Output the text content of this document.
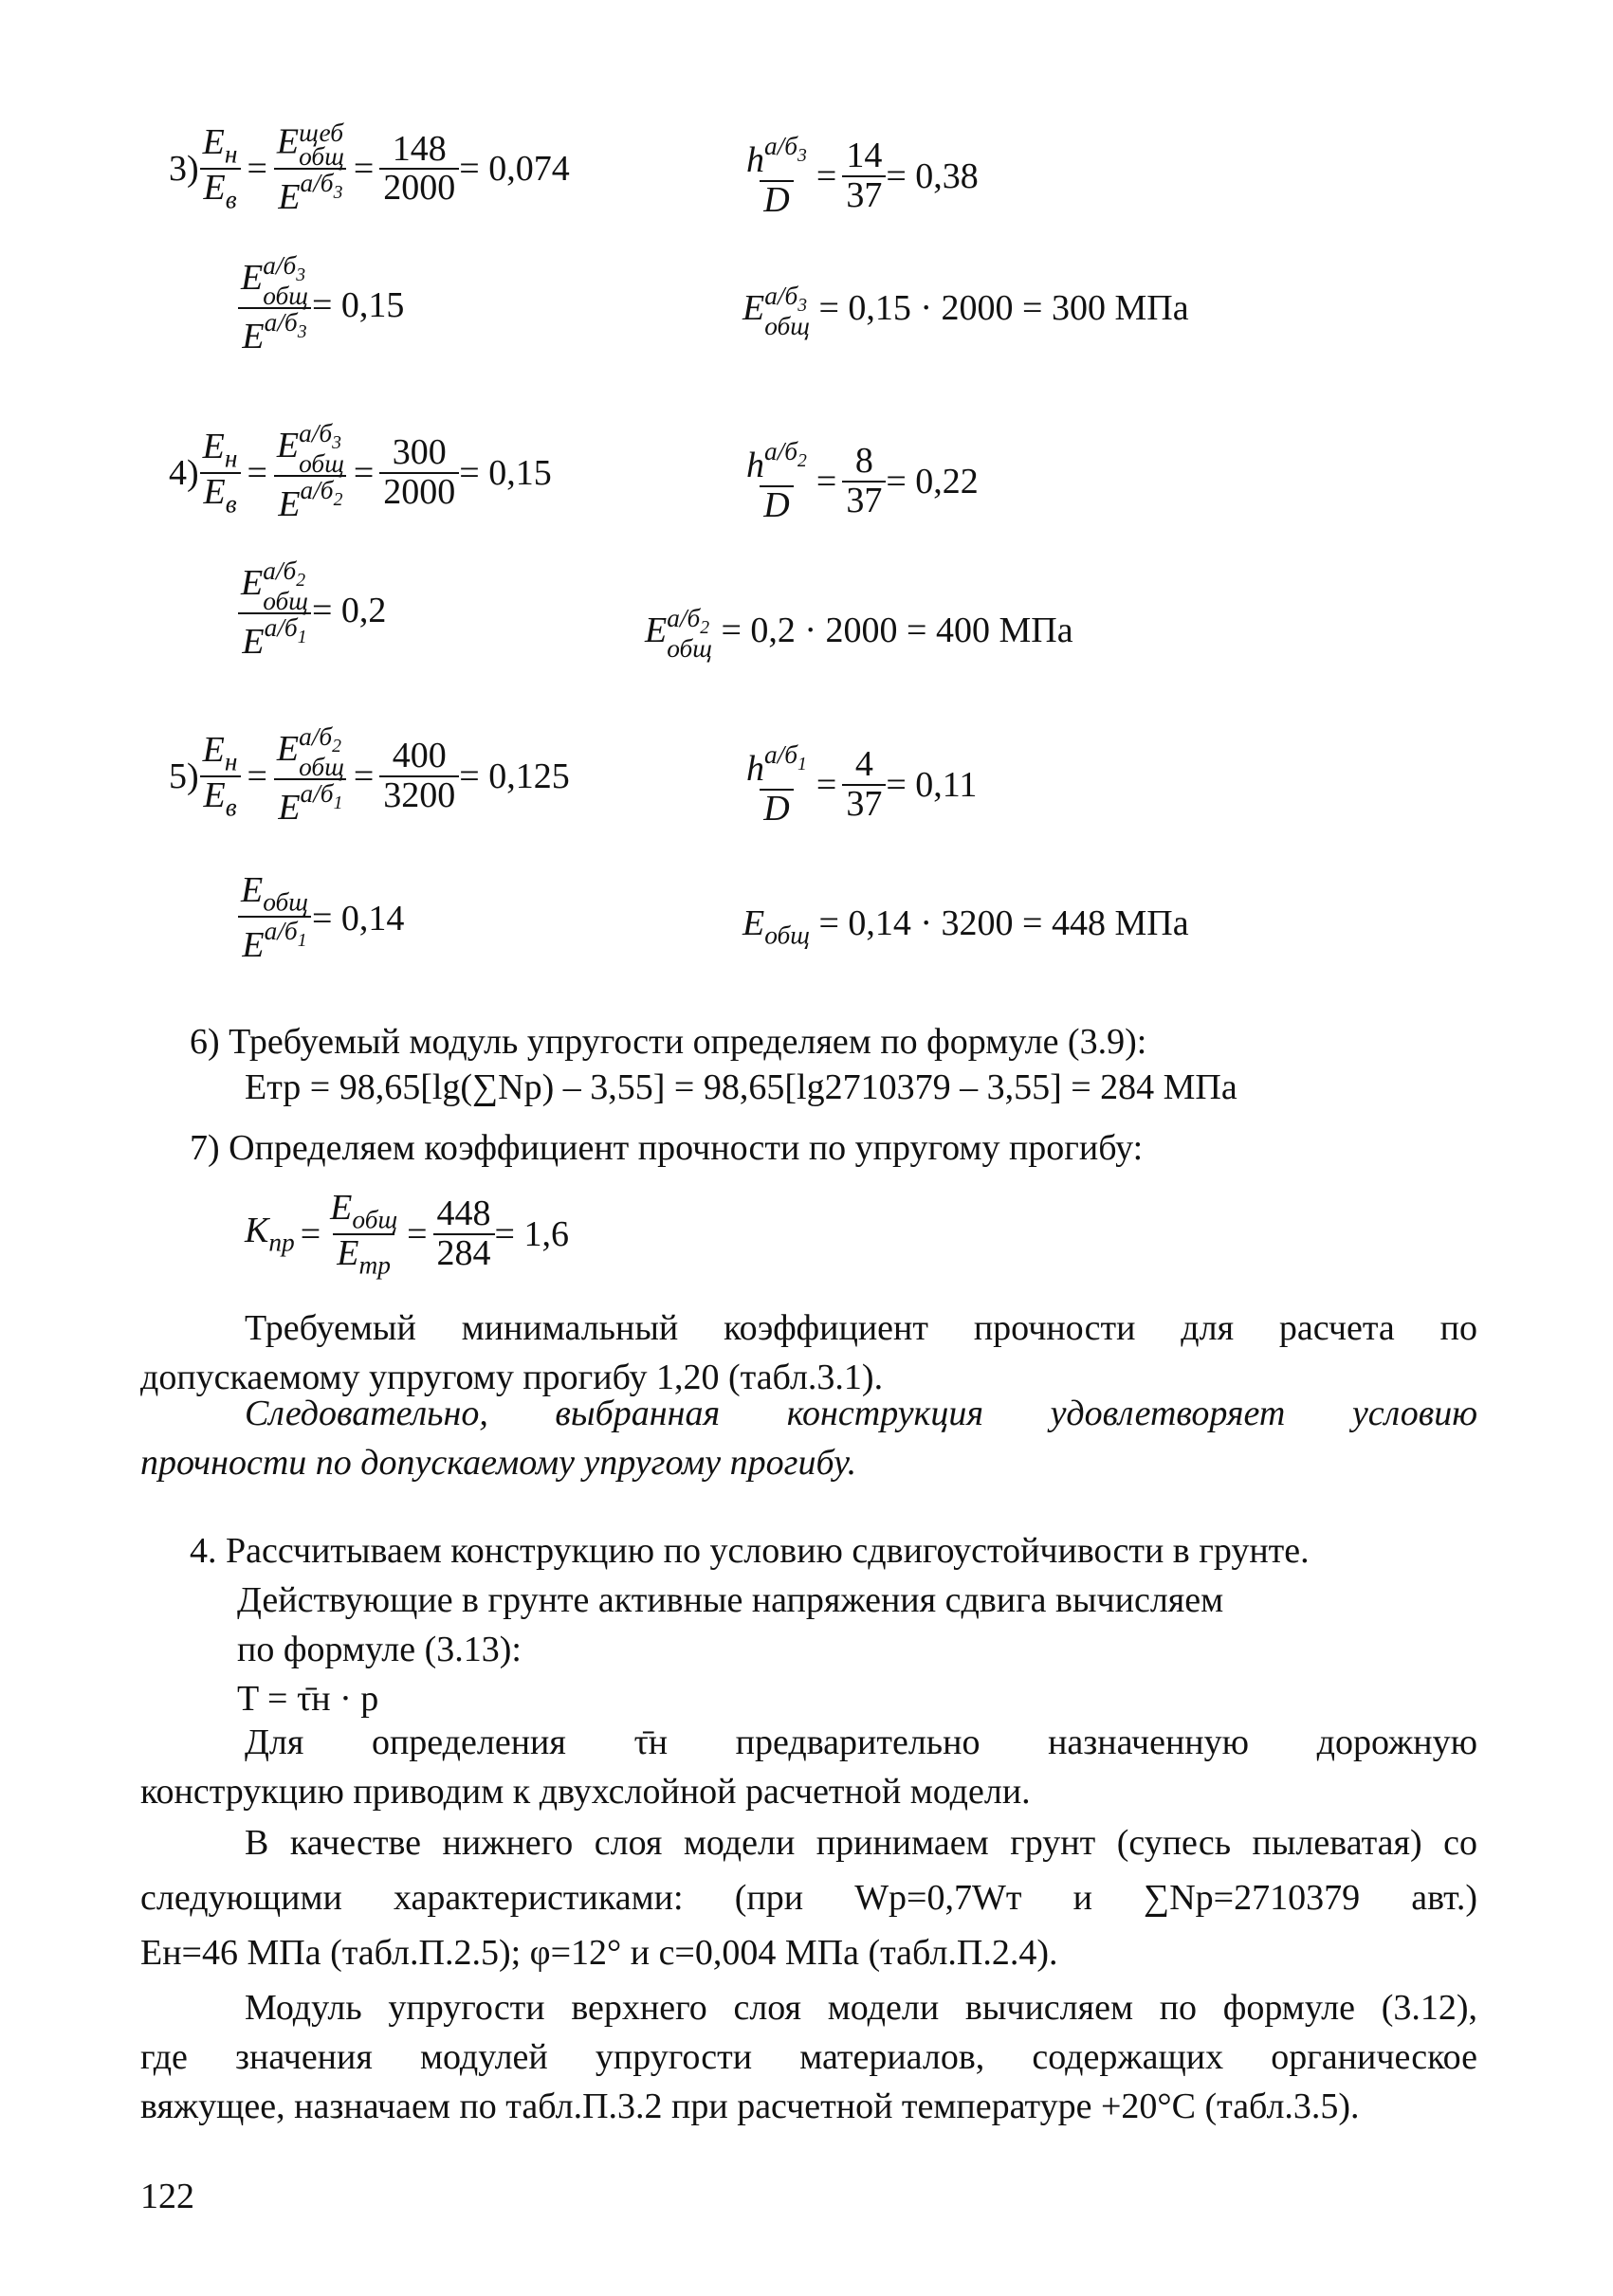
$3) \frac{E_н}{E_в} = E$ щеб
общ
$E^{а/б_3} = \frac{148}{2000} = 0,074$	$\frac{h^{а/б_3}}{D} = \frac{14}{37} = 0,38$
E $а/б_3$
общ
$E^{а/б_3} = 0,15$	E $а/б_3$
общ = 0,15 · 2000 = 300 МПа
$4) \frac{E_н}{E_в} = E$ $а/б_3$
общ
$E^{а/б_2} = \frac{300}{2000} = 0,15$	$\frac{h^{а/б_2}}{D} = \frac{8}{37} = 0,22$
E $а/б_2$
общ
$E^{а/б_1} = 0,2$	E $а/б_2$
общ = 0,2 · 2000 = 400 МПа
$5) \frac{E_н}{E_в} = E$ $а/б_2$
общ
$E^{а/б_1} = \frac{400}{3200} = 0,125$	$\frac{h^{а/б_1}}{D} = \frac{4}{37} = 0,11$
$\frac{E_{общ}}{E^{а/б_1}} = 0,14$	$E_{общ} = 0,14 \cdot 3200 = 448$ МПа
6) Требуемый модуль упругости определяем по формуле (3.9):
Eтр = 98,65[lg(∑Nр) – 3,55] = 98,65[lg2710379 – 3,55] = 284 МПа
7) Определяем коэффициент прочности по упругому прогибу:
$K_{пр} = \frac{E_{общ}}{E_{тр}} = \frac{448}{284} = 1,6$
Требуемый минимальный коэффициент прочности для расчета по
допускаемому упругому прогибу 1,20 (табл.3.1).
Следовательно, выбранная конструкция удовлетворяет условию
прочности по допускаемому упругому прогибу.
4. Рассчитываем конструкцию по условию сдвигоустойчивости в грунте.
Действующие в грунте активные напряжения сдвига вычисляем
по формуле (3.13):
T = τ̄н · p
Для определения τ̄н предварительно назначенную дорожную
конструкцию приводим к двухслойной расчетной модели.
В качестве нижнего слоя модели принимаем грунт (супесь пылеватая) со
следующими характеристиками: (при Wр=0,7Wт и ∑Nр=2710379 авт.)
Eн=46 МПа (табл.П.2.5); φ=12° и с=0,004 МПа (табл.П.2.4).
Модуль упругости верхнего слоя модели вычисляем по формуле (3.12),
где значения модулей упругости материалов, содержащих органическое
вяжущее, назначаем по табл.П.3.2 при расчетной температуре +20°C (табл.3.5).
122
